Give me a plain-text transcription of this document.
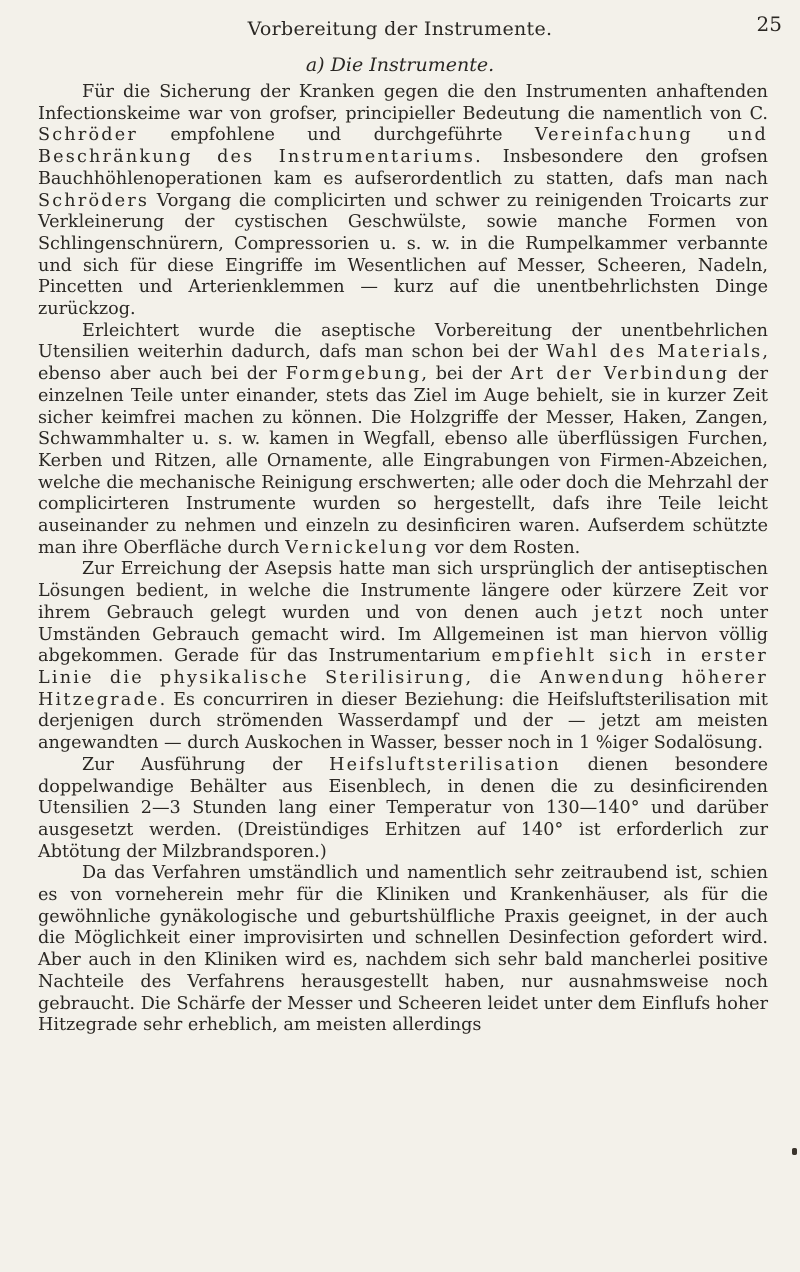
Vorbereitung der Instrumente.	25
a) Die Instrumente.

Für die Sicherung der Kranken gegen die den Instrumenten anhaftenden Infectionskeime war von grofser, principieller Bedeutung die namentlich von C. Schröder empfohlene und durchgeführte Vereinfachung und Beschränkung des Instrumentariums. Insbesondere den grofsen Bauchhöhlenoperationen kam es aufserordentlich zu statten, dafs man nach Schröders Vorgang die complicirten und schwer zu reinigenden Troicarts zur Verkleinerung der cystischen Geschwülste, sowie manche Formen von Schlingenschnürern, Compressorien u. s. w. in die Rumpelkammer verbannte und sich für diese Eingriffe im Wesentlichen auf Messer, Scheeren, Nadeln, Pincetten und Arterienklemmen — kurz auf die unentbehrlichsten Dinge zurückzog.

Erleichtert wurde die aseptische Vorbereitung der unentbehrlichen Utensilien weiterhin dadurch, dafs man schon bei der Wahl des Materials, ebenso aber auch bei der Formgebung, bei der Art der Verbindung der einzelnen Teile unter einander, stets das Ziel im Auge behielt, sie in kurzer Zeit sicher keimfrei machen zu können. Die Holzgriffe der Messer, Haken, Zangen, Schwammhalter u. s. w. kamen in Wegfall, ebenso alle überflüssigen Furchen, Kerben und Ritzen, alle Ornamente, alle Eingrabungen von Firmen-Abzeichen, welche die mechanische Reinigung erschwerten; alle oder doch die Mehrzahl der complicirteren Instrumente wurden so hergestellt, dafs ihre Teile leicht auseinander zu nehmen und einzeln zu desinficiren waren. Aufserdem schützte man ihre Oberfläche durch Vernickelung vor dem Rosten.

Zur Erreichung der Asepsis hatte man sich ursprünglich der antiseptischen Lösungen bedient, in welche die Instrumente längere oder kürzere Zeit vor ihrem Gebrauch gelegt wurden und von denen auch jetzt noch unter Umständen Gebrauch gemacht wird. Im Allgemeinen ist man hiervon völlig abgekommen. Gerade für das Instrumentarium empfiehlt sich in erster Linie die physikalische Sterilisirung, die Anwendung höherer Hitzegrade. Es concurriren in dieser Beziehung: die Heifsluftsterilisation mit derjenigen durch strömenden Wasserdampf und der — jetzt am meisten angewandten — durch Auskochen in Wasser, besser noch in 1 %iger Sodalösung.

Zur Ausführung der Heifsluftsterilisation dienen besondere doppelwandige Behälter aus Eisenblech, in denen die zu desinficirenden Utensilien 2—3 Stunden lang einer Temperatur von 130—140° und darüber ausgesetzt werden. (Dreistündiges Erhitzen auf 140° ist erforderlich zur Abtötung der Milzbrandsporen.)

Da das Verfahren umständlich und namentlich sehr zeitraubend ist, schien es von vorneherein mehr für die Kliniken und Krankenhäuser, als für die gewöhnliche gynäkologische und geburtshülfliche Praxis geeignet, in der auch die Möglichkeit einer improvisirten und schnellen Desinfection gefordert wird. Aber auch in den Kliniken wird es, nachdem sich sehr bald mancherlei positive Nachteile des Verfahrens herausgestellt haben, nur ausnahmsweise noch gebraucht. Die Schärfe der Messer und Scheeren leidet unter dem Einflufs hoher Hitzegrade sehr erheblich, am meisten allerdings
